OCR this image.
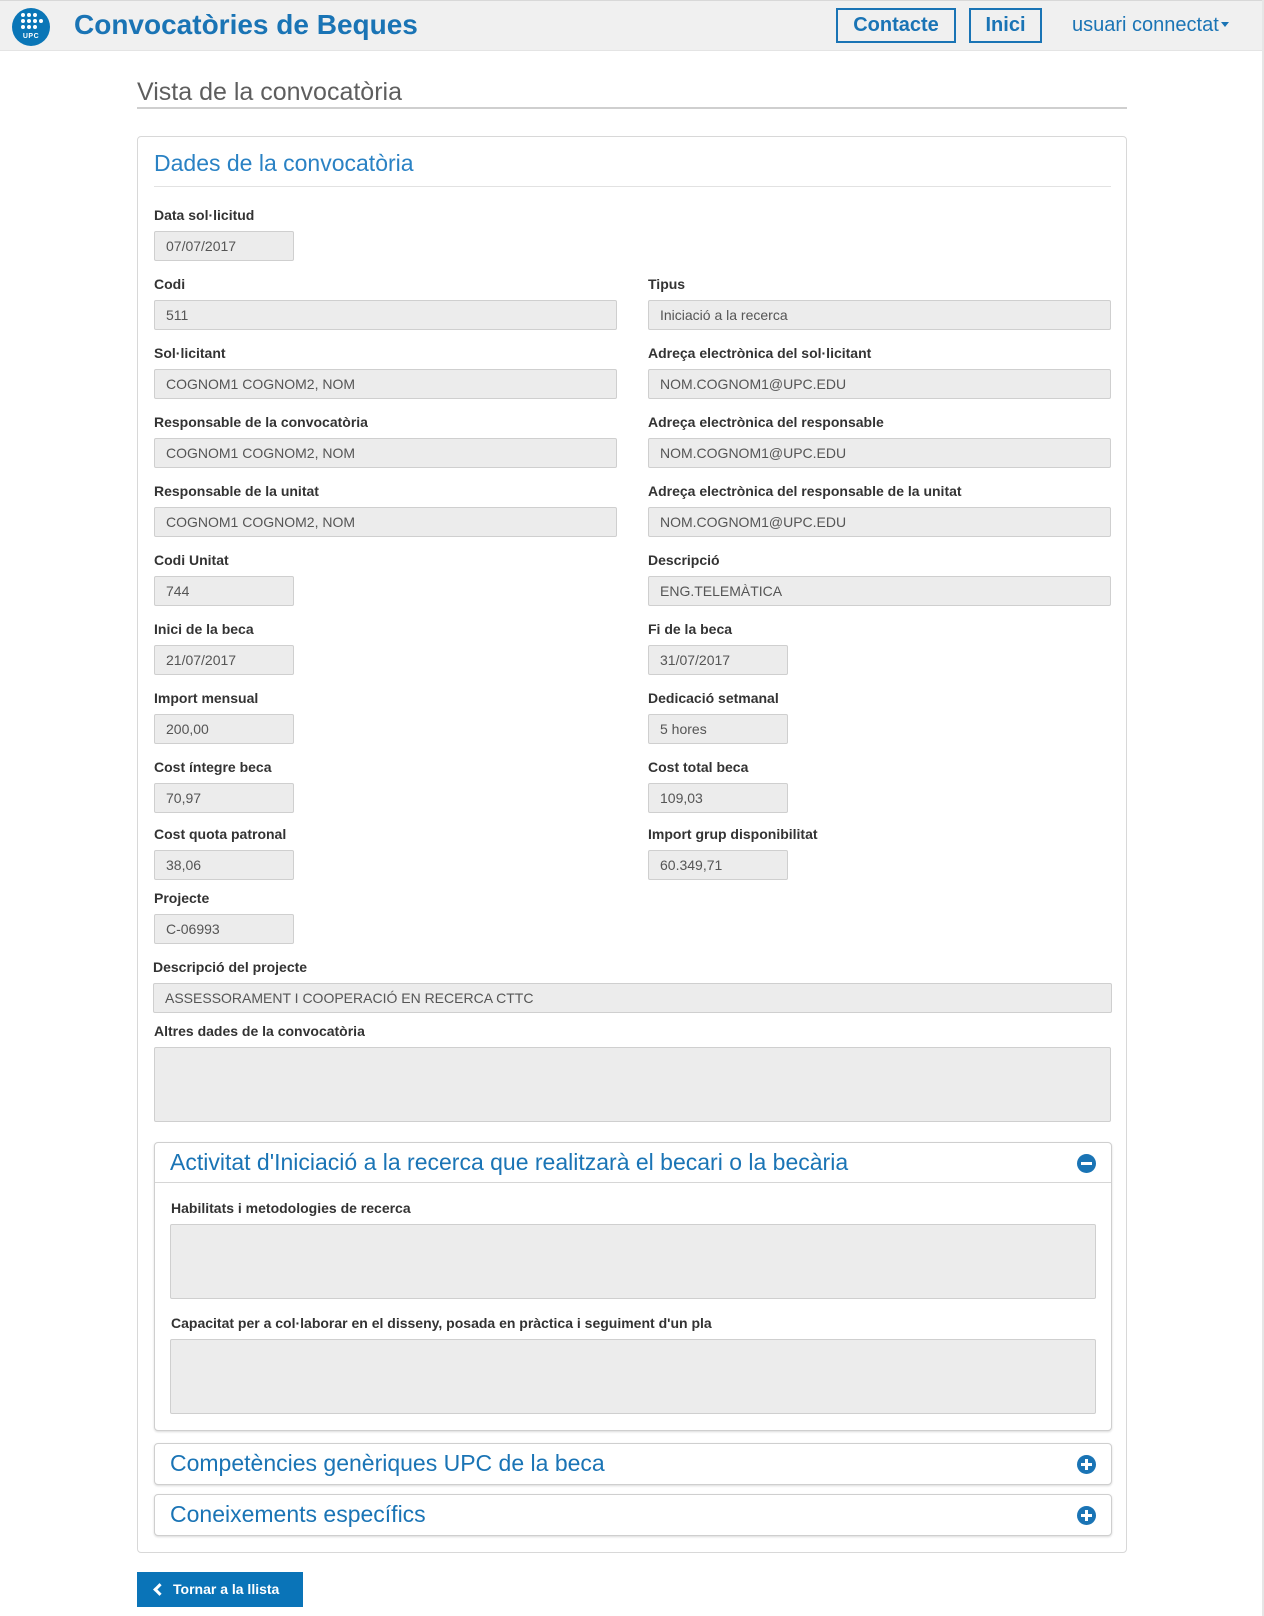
UPC	Convocatòries de Beques	Contacte	Inici	usuari connectat
Vista de la convocatòria
Dades de la convocatòria
Data sol·licitud
07/07/2017
Codi
511
Tipus
Iniciació a la recerca
Sol·licitant
COGNOM1 COGNOM2, NOM
Adreça electrònica del sol·licitant
NOM.COGNOM1@UPC.EDU
Responsable de la convocatòria
COGNOM1 COGNOM2, NOM
Adreça electrònica del responsable
NOM.COGNOM1@UPC.EDU
Responsable de la unitat
COGNOM1 COGNOM2, NOM
Adreça electrònica del responsable de la unitat
NOM.COGNOM1@UPC.EDU
Codi Unitat
744
Descripció
ENG.TELEMÀTICA
Inici de la beca
21/07/2017
Fi de la beca
31/07/2017
Import mensual
200,00
Dedicació setmanal
5 hores
Cost íntegre beca
70,97
Cost total beca
109,03
Cost quota patronal
38,06
Import grup disponibilitat
60.349,71
Projecte
C-06993
Descripció del projecte
ASSESSORAMENT I COOPERACIÓ EN RECERCA CTTC
Altres dades de la convocatòria
Activitat d'Iniciació a la recerca que realitzarà el becari o la becària
Habilitats i metodologies de recerca
Capacitat per a col·laborar en el disseny, posada en pràctica i seguiment d'un pla
Competències genèriques UPC de la beca
Coneixements específics
Tornar a la llista
